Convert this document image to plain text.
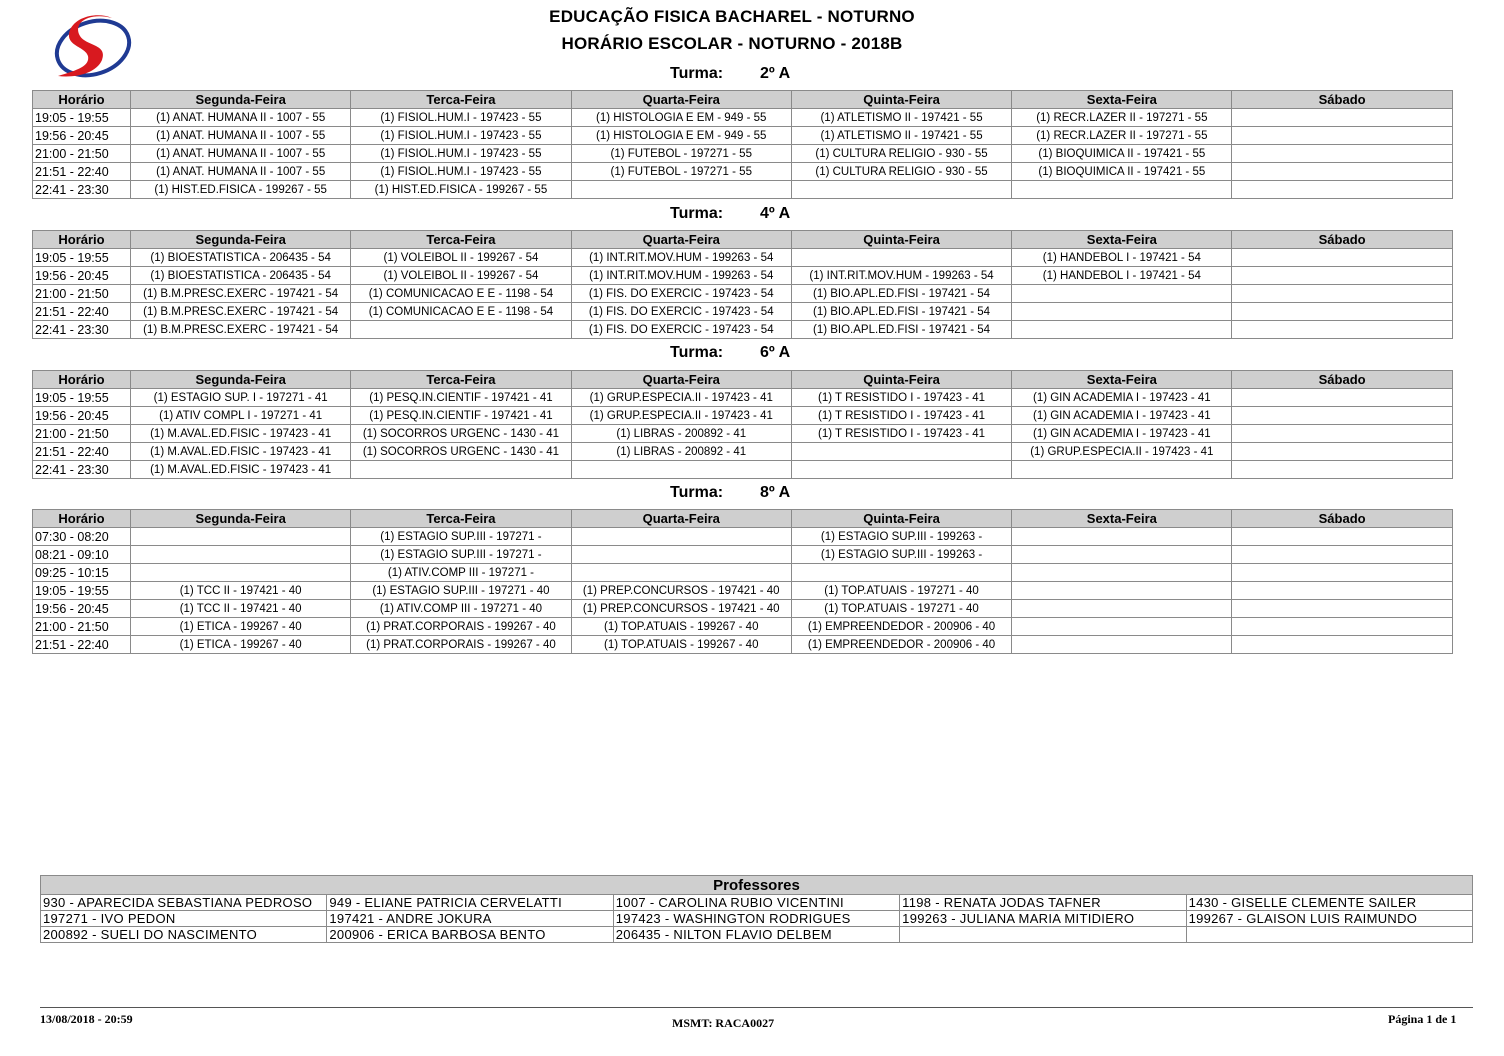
EDUCAÇÃO FISICA BACHAREL - NOTURNO
HORÁRIO ESCOLAR - NOTURNO - 2018B
Turma: 2º A
Horário	Segunda-Feira	Terca-Feira	Quarta-Feira	Quinta-Feira	Sexta-Feira	Sábado
19:05 - 19:55	(1) ANAT. HUMANA II - 1007 - 55	(1) FISIOL.HUM.I - 197423 - 55	(1) HISTOLOGIA E EM - 949 - 55	(1) ATLETISMO II - 197421 - 55	(1) RECR.LAZER II - 197271 - 55	
19:56 - 20:45	(1) ANAT. HUMANA II - 1007 - 55	(1) FISIOL.HUM.I - 197423 - 55	(1) HISTOLOGIA E EM - 949 - 55	(1) ATLETISMO II - 197421 - 55	(1) RECR.LAZER II - 197271 - 55	
21:00 - 21:50	(1) ANAT. HUMANA II - 1007 - 55	(1) FISIOL.HUM.I - 197423 - 55	(1) FUTEBOL - 197271 - 55	(1) CULTURA RELIGIO - 930 - 55	(1) BIOQUIMICA II - 197421 - 55	
21:51 - 22:40	(1) ANAT. HUMANA II - 1007 - 55	(1) FISIOL.HUM.I - 197423 - 55	(1) FUTEBOL - 197271 - 55	(1) CULTURA RELIGIO - 930 - 55	(1) BIOQUIMICA II - 197421 - 55	
22:41 - 23:30	(1) HIST.ED.FISICA - 199267 - 55	(1) HIST.ED.FISICA - 199267 - 55				
Turma: 4º A
Horário	Segunda-Feira	Terca-Feira	Quarta-Feira	Quinta-Feira	Sexta-Feira	Sábado
19:05 - 19:55	(1) BIOESTATISTICA - 206435 - 54	(1) VOLEIBOL II - 199267 - 54	(1) INT.RIT.MOV.HUM - 199263 - 54		(1) HANDEBOL I - 197421 - 54	
19:56 - 20:45	(1) BIOESTATISTICA - 206435 - 54	(1) VOLEIBOL II - 199267 - 54	(1) INT.RIT.MOV.HUM - 199263 - 54	(1) INT.RIT.MOV.HUM - 199263 - 54	(1) HANDEBOL I - 197421 - 54	
21:00 - 21:50	(1) B.M.PRESC.EXERC - 197421 - 54	(1) COMUNICACAO E E - 1198 - 54	(1) FIS. DO EXERCIC - 197423 - 54	(1) BIO.APL.ED.FISI - 197421 - 54		
21:51 - 22:40	(1) B.M.PRESC.EXERC - 197421 - 54	(1) COMUNICACAO E E - 1198 - 54	(1) FIS. DO EXERCIC - 197423 - 54	(1) BIO.APL.ED.FISI - 197421 - 54		
22:41 - 23:30	(1) B.M.PRESC.EXERC - 197421 - 54		(1) FIS. DO EXERCIC - 197423 - 54	(1) BIO.APL.ED.FISI - 197421 - 54		
Turma: 6º A
Horário	Segunda-Feira	Terca-Feira	Quarta-Feira	Quinta-Feira	Sexta-Feira	Sábado
19:05 - 19:55	(1) ESTAGIO SUP. I - 197271 - 41	(1) PESQ.IN.CIENTIF - 197421 - 41	(1) GRUP.ESPECIA.II - 197423 - 41	(1) T RESISTIDO I - 197423 - 41	(1) GIN ACADEMIA I - 197423 - 41	
19:56 - 20:45	(1) ATIV COMPL I - 197271 - 41	(1) PESQ.IN.CIENTIF - 197421 - 41	(1) GRUP.ESPECIA.II - 197423 - 41	(1) T RESISTIDO I - 197423 - 41	(1) GIN ACADEMIA I - 197423 - 41	
21:00 - 21:50	(1) M.AVAL.ED.FISIC - 197423 - 41	(1) SOCORROS URGENC - 1430 - 41	(1) LIBRAS - 200892 - 41	(1) T RESISTIDO I - 197423 - 41	(1) GIN ACADEMIA I - 197423 - 41	
21:51 - 22:40	(1) M.AVAL.ED.FISIC - 197423 - 41	(1) SOCORROS URGENC - 1430 - 41	(1) LIBRAS - 200892 - 41		(1) GRUP.ESPECIA.II - 197423 - 41	
22:41 - 23:30	(1) M.AVAL.ED.FISIC - 197423 - 41					
Turma: 8º A
Horário	Segunda-Feira	Terca-Feira	Quarta-Feira	Quinta-Feira	Sexta-Feira	Sábado
07:30 - 08:20		(1) ESTAGIO SUP.III - 197271 -		(1) ESTAGIO SUP.III - 199263 -		
08:21 - 09:10		(1) ESTAGIO SUP.III - 197271 -		(1) ESTAGIO SUP.III - 199263 -		
09:25 - 10:15		(1) ATIV.COMP III - 197271 -				
19:05 - 19:55	(1) TCC II - 197421 - 40	(1) ESTAGIO SUP.III - 197271 - 40	(1) PREP.CONCURSOS - 197421 - 40	(1) TOP.ATUAIS - 197271 - 40		
19:56 - 20:45	(1) TCC II - 197421 - 40	(1) ATIV.COMP III - 197271 - 40	(1) PREP.CONCURSOS - 197421 - 40	(1) TOP.ATUAIS - 197271 - 40		
21:00 - 21:50	(1) ETICA - 199267 - 40	(1) PRAT.CORPORAIS - 199267 - 40	(1) TOP.ATUAIS - 199267 - 40	(1) EMPREENDEDOR - 200906 - 40		
21:51 - 22:40	(1) ETICA - 199267 - 40	(1) PRAT.CORPORAIS - 199267 - 40	(1) TOP.ATUAIS - 199267 - 40	(1) EMPREENDEDOR - 200906 - 40		
Professores				
930 - APARECIDA SEBASTIANA PEDROSO	949 - ELIANE PATRICIA CERVELATTI	1007 - CAROLINA RUBIO VICENTINI	1198 - RENATA JODAS TAFNER	1430 - GISELLE CLEMENTE SAILER
197271 - IVO PEDON	197421 - ANDRE JOKURA	197423 - WASHINGTON RODRIGUES	199263 - JULIANA MARIA MITIDIERO	199267 - GLAISON LUIS RAIMUNDO
200892 - SUELI DO NASCIMENTO	200906 - ERICA BARBOSA BENTO	206435 - NILTON FLAVIO DELBEM		
13/08/2018 - 20:59	MSMT: RACA0027	Página 1 de 1
